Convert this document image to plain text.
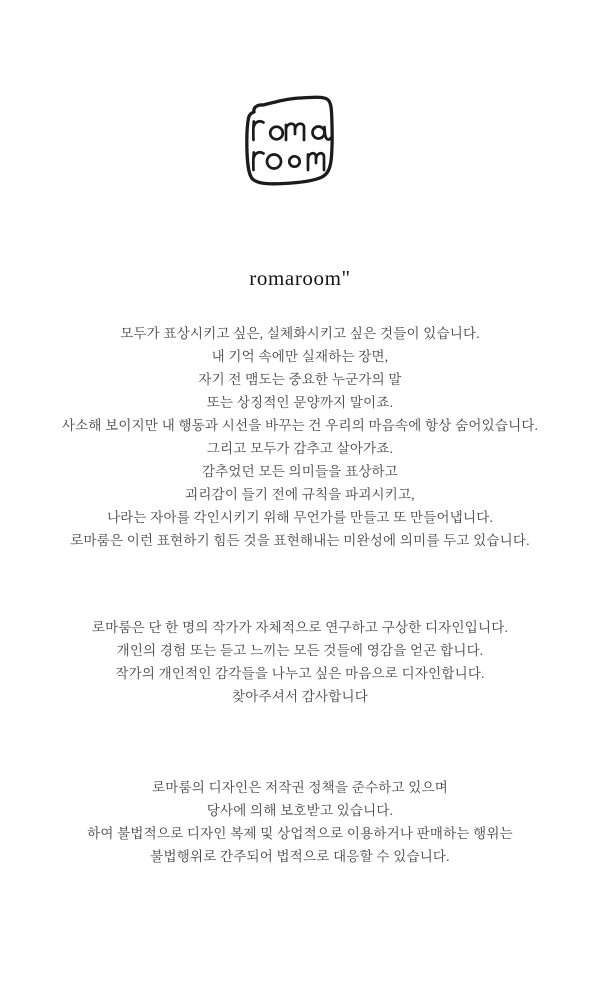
romaroom"
모두가 표상시키고 싶은, 실체화시키고 싶은 것들이 있습니다.
내 기억 속에만 실재하는 장면,
자기 전 맴도는 중요한 누군가의 말
또는 상징적인 문양까지 말이죠.
사소해 보이지만 내 행동과 시선을 바꾸는 건 우리의 마음속에 항상 숨어있습니다.
그리고 모두가 감추고 살아가죠.
감추었던 모든 의미들을 표상하고
괴리감이 들기 전에 규칙을 파괴시키고,
나라는 자아를 각인시키기 위해 무언가를 만들고 또 만들어냅니다.
로마룸은 이런 표현하기 힘든 것을 표현해내는 미완성에 의미를 두고 있습니다.
로마룸은 단 한 명의 작가가 자체적으로 연구하고 구상한 디자인입니다.
개인의 경험 또는 듣고 느끼는 모든 것들에 영감을 얻곤 합니다.
작가의 개인적인 감각들을 나누고 싶은 마음으로 디자인합니다.
찾아주셔서 감사합니다
로마룸의 디자인은 저작권 정책을 준수하고 있으며
당사에 의해 보호받고 있습니다.
하여 불법적으로 디자인 복제 및 상업적으로 이용하거나 판매하는 행위는
불법행위로 간주되어 법적으로 대응할 수 있습니다.
